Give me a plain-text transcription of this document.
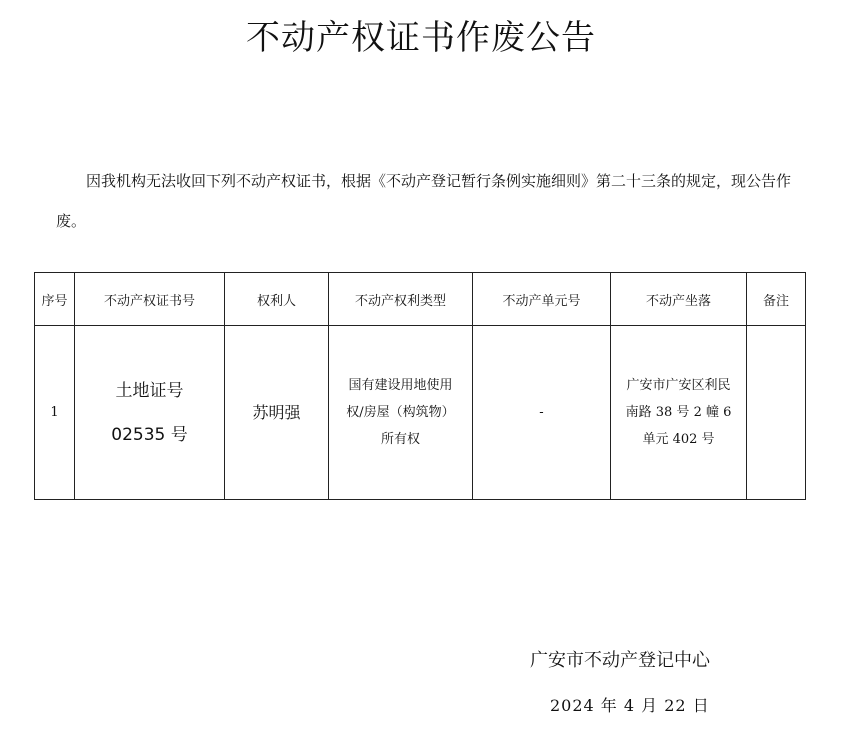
不动产权证书作废公告
因我机构无法收回下列不动产权证书，根据《不动产登记暂行条例实施细则》第二十三条的规定，现公告作废。
序号	不动产权证书号	权利人	不动产权利类型	不动产单元号	不动产坐落	备注
1	土地证号 02535 号	苏明强	国有建设用地使用权/房屋（构筑物）所有权	-	广安市广安区利民南路 38 号 2 幢 6 单元 402 号	
广安市不动产登记中心
2024 年 4 月 22 日
